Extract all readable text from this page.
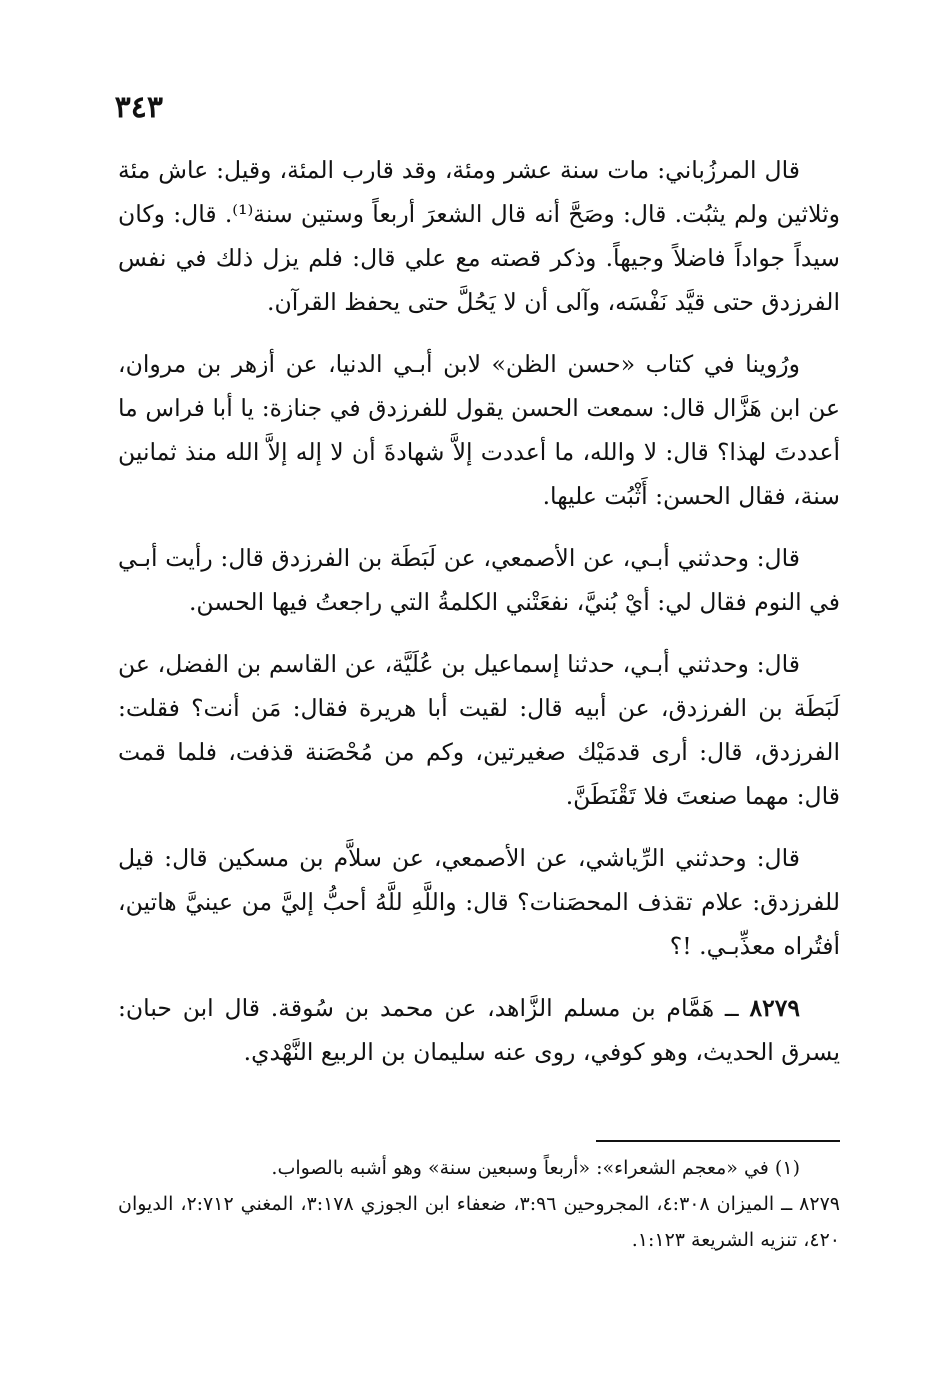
٣٤٣

قال المرزُباني: مات سنة عشر ومئة، وقد قارب المئة، وقيل: عاش مئة وثلاثين ولم يثبُت. قال: وصَحَّ أنه قال الشعرَ أربعاً وستين سنة⁽¹⁾. قال: وكان سيداً جواداً فاضلاً وجيهاً. وذكر قصته مع علي قال: فلم يزل ذلك في نفس الفرزدق حتى قيَّد نَفْسَه، وآلى أن لا يَحُلَّ حتى يحفظ القرآن.

ورُوينا في كتاب «حسن الظن» لابن أبـي الدنيا، عن أزهر بن مروان، عن ابن هَزَّال قال: سمعت الحسن يقول للفرزدق في جنازة: يا أبا فراس ما أعددتَ لهذا؟ قال: لا والله، ما أعددت إلاَّ شهادةَ أن لا إله إلاَّ الله منذ ثمانين سنة، فقال الحسن: أَثْبُت عليها.

قال: وحدثني أبـي، عن الأصمعي، عن لَبَطَة بن الفرزدق قال: رأيت أبـي في النوم فقال لي: أيْ بُنيَّ، نفعَتْني الكلمةُ التي راجعتُ فيها الحسن.

قال: وحدثني أبـي، حدثنا إسماعيل بن عُلَيَّة، عن القاسم بن الفضل، عن لَبَطَة بن الفرزدق، عن أبيه قال: لقيت أبا هريرة فقال: مَن أنت؟ فقلت: الفرزدق، قال: أرى قدمَيْك صغيرتين، وكم من مُحْصَنة قذفت، فلما قمت قال: مهما صنعتَ فلا تَقْنَطَنَّ.

قال: وحدثني الرِّياشي، عن الأصمعي، عن سلاَّم بن مسكين قال: قيل للفرزدق: علام تقذف المحصَنات؟ قال: واللَّهِ للَّهُ أحبُّ إليَّ من عينيَّ هاتين، أفتُراه معذِّبـي. !؟

٨٢٧٩ ــ هَمَّام بن مسلم الزَّاهد، عن محمد بن سُوقة. قال ابن حبان: يسرق الحديث، وهو كوفي، روى عنه سليمان بن الربيع النَّهْدي.

(١) في «معجم الشعراء»: «أربعاً وسبعين سنة» وهو أشبه بالصواب.

٨٢٧٩ ــ الميزان ٤:٣٠٨، المجروحين ٣:٩٦، ضعفاء ابن الجوزي ٣:١٧٨، المغني ٢:٧١٢، الديوان ٤٢٠، تنزيه الشريعة ١:١٢٣.
